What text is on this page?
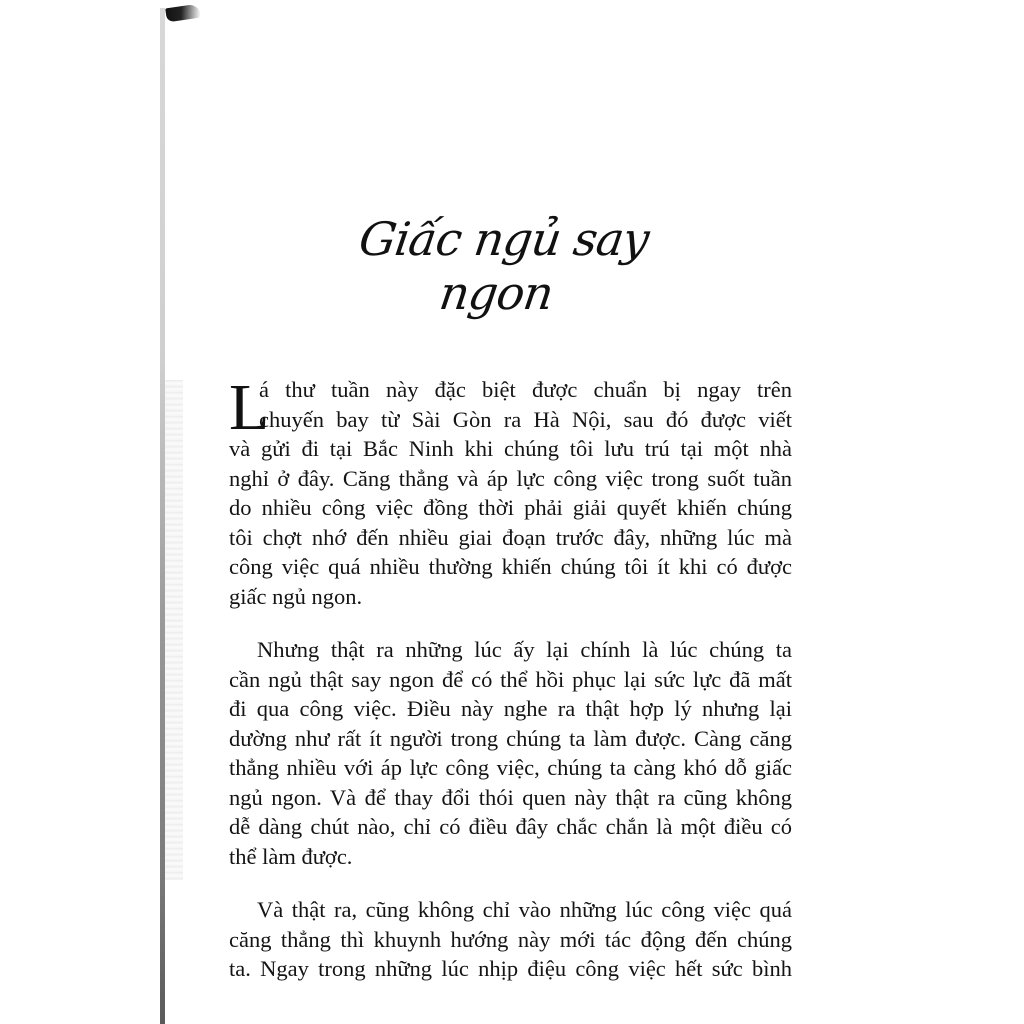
Giấc ngủ say ngon
L
á thư tuần này đặc biệt được chuẩn bị ngay trên
chuyến bay từ Sài Gòn ra Hà Nội, sau đó được viết
và gửi đi tại Bắc Ninh khi chúng tôi lưu trú tại một nhà
nghỉ ở đây. Căng thẳng và áp lực công việc trong suốt tuần
do nhiều công việc đồng thời phải giải quyết khiến chúng
tôi chợt nhớ đến nhiều giai đoạn trước đây, những lúc mà
công việc quá nhiều thường khiến chúng tôi ít khi có được
giấc ngủ ngon.
Nhưng thật ra những lúc ấy lại chính là lúc chúng ta
cần ngủ thật say ngon để có thể hồi phục lại sức lực đã mất
đi qua công việc. Điều này nghe ra thật hợp lý nhưng lại
dường như rất ít người trong chúng ta làm được. Càng căng
thẳng nhiều với áp lực công việc, chúng ta càng khó dỗ giấc
ngủ ngon. Và để thay đổi thói quen này thật ra cũng không
dễ dàng chút nào, chỉ có điều đây chắc chắn là một điều có
thể làm được.
Và thật ra, cũng không chỉ vào những lúc công việc quá
căng thẳng thì khuynh hướng này mới tác động đến chúng
ta. Ngay trong những lúc nhịp điệu công việc hết sức bình
